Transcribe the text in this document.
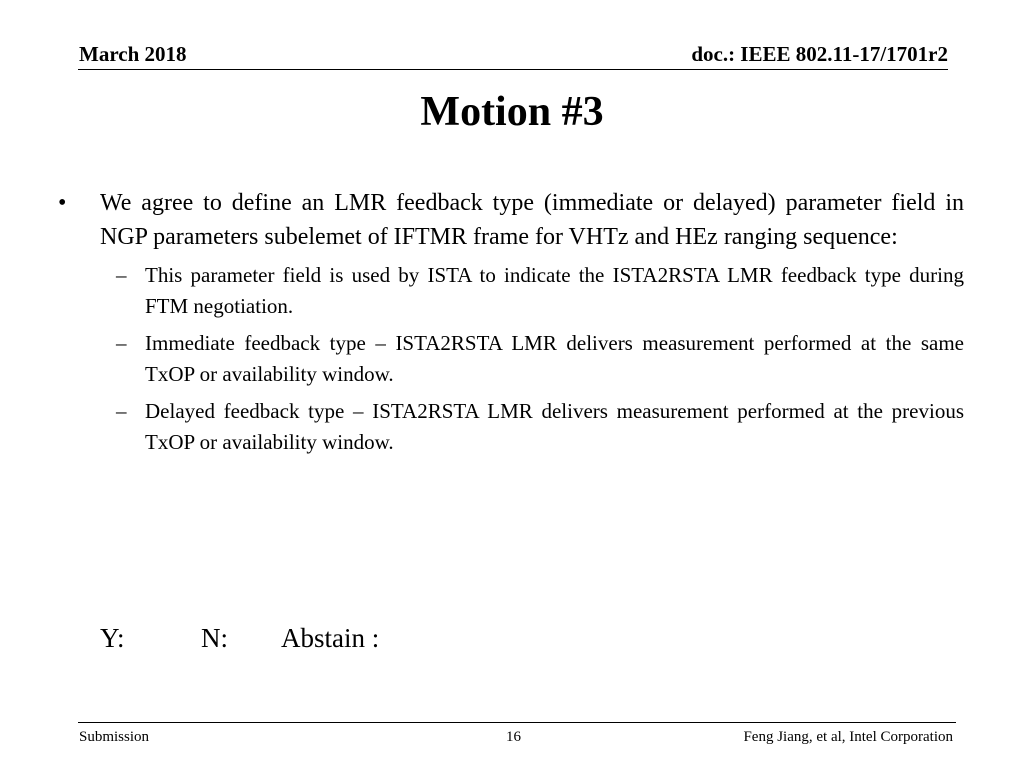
March 2018	doc.: IEEE 802.11-17/1701r2
Motion #3
• We agree to define an LMR feedback type (immediate or delayed) parameter field in NGP parameters subelemet of IFTMR frame for VHTz and HEz ranging sequence:
– This parameter field is used by ISTA to indicate the ISTA2RSTA LMR feedback type during FTM negotiation.
– Immediate feedback type – ISTA2RSTA LMR delivers measurement performed at the same TxOP or availability window.
– Delayed feedback type – ISTA2RSTA LMR delivers measurement performed at the previous TxOP or availability window.
Y:	N: Abstain :
Submission	16	Feng Jiang, et al, Intel Corporation
